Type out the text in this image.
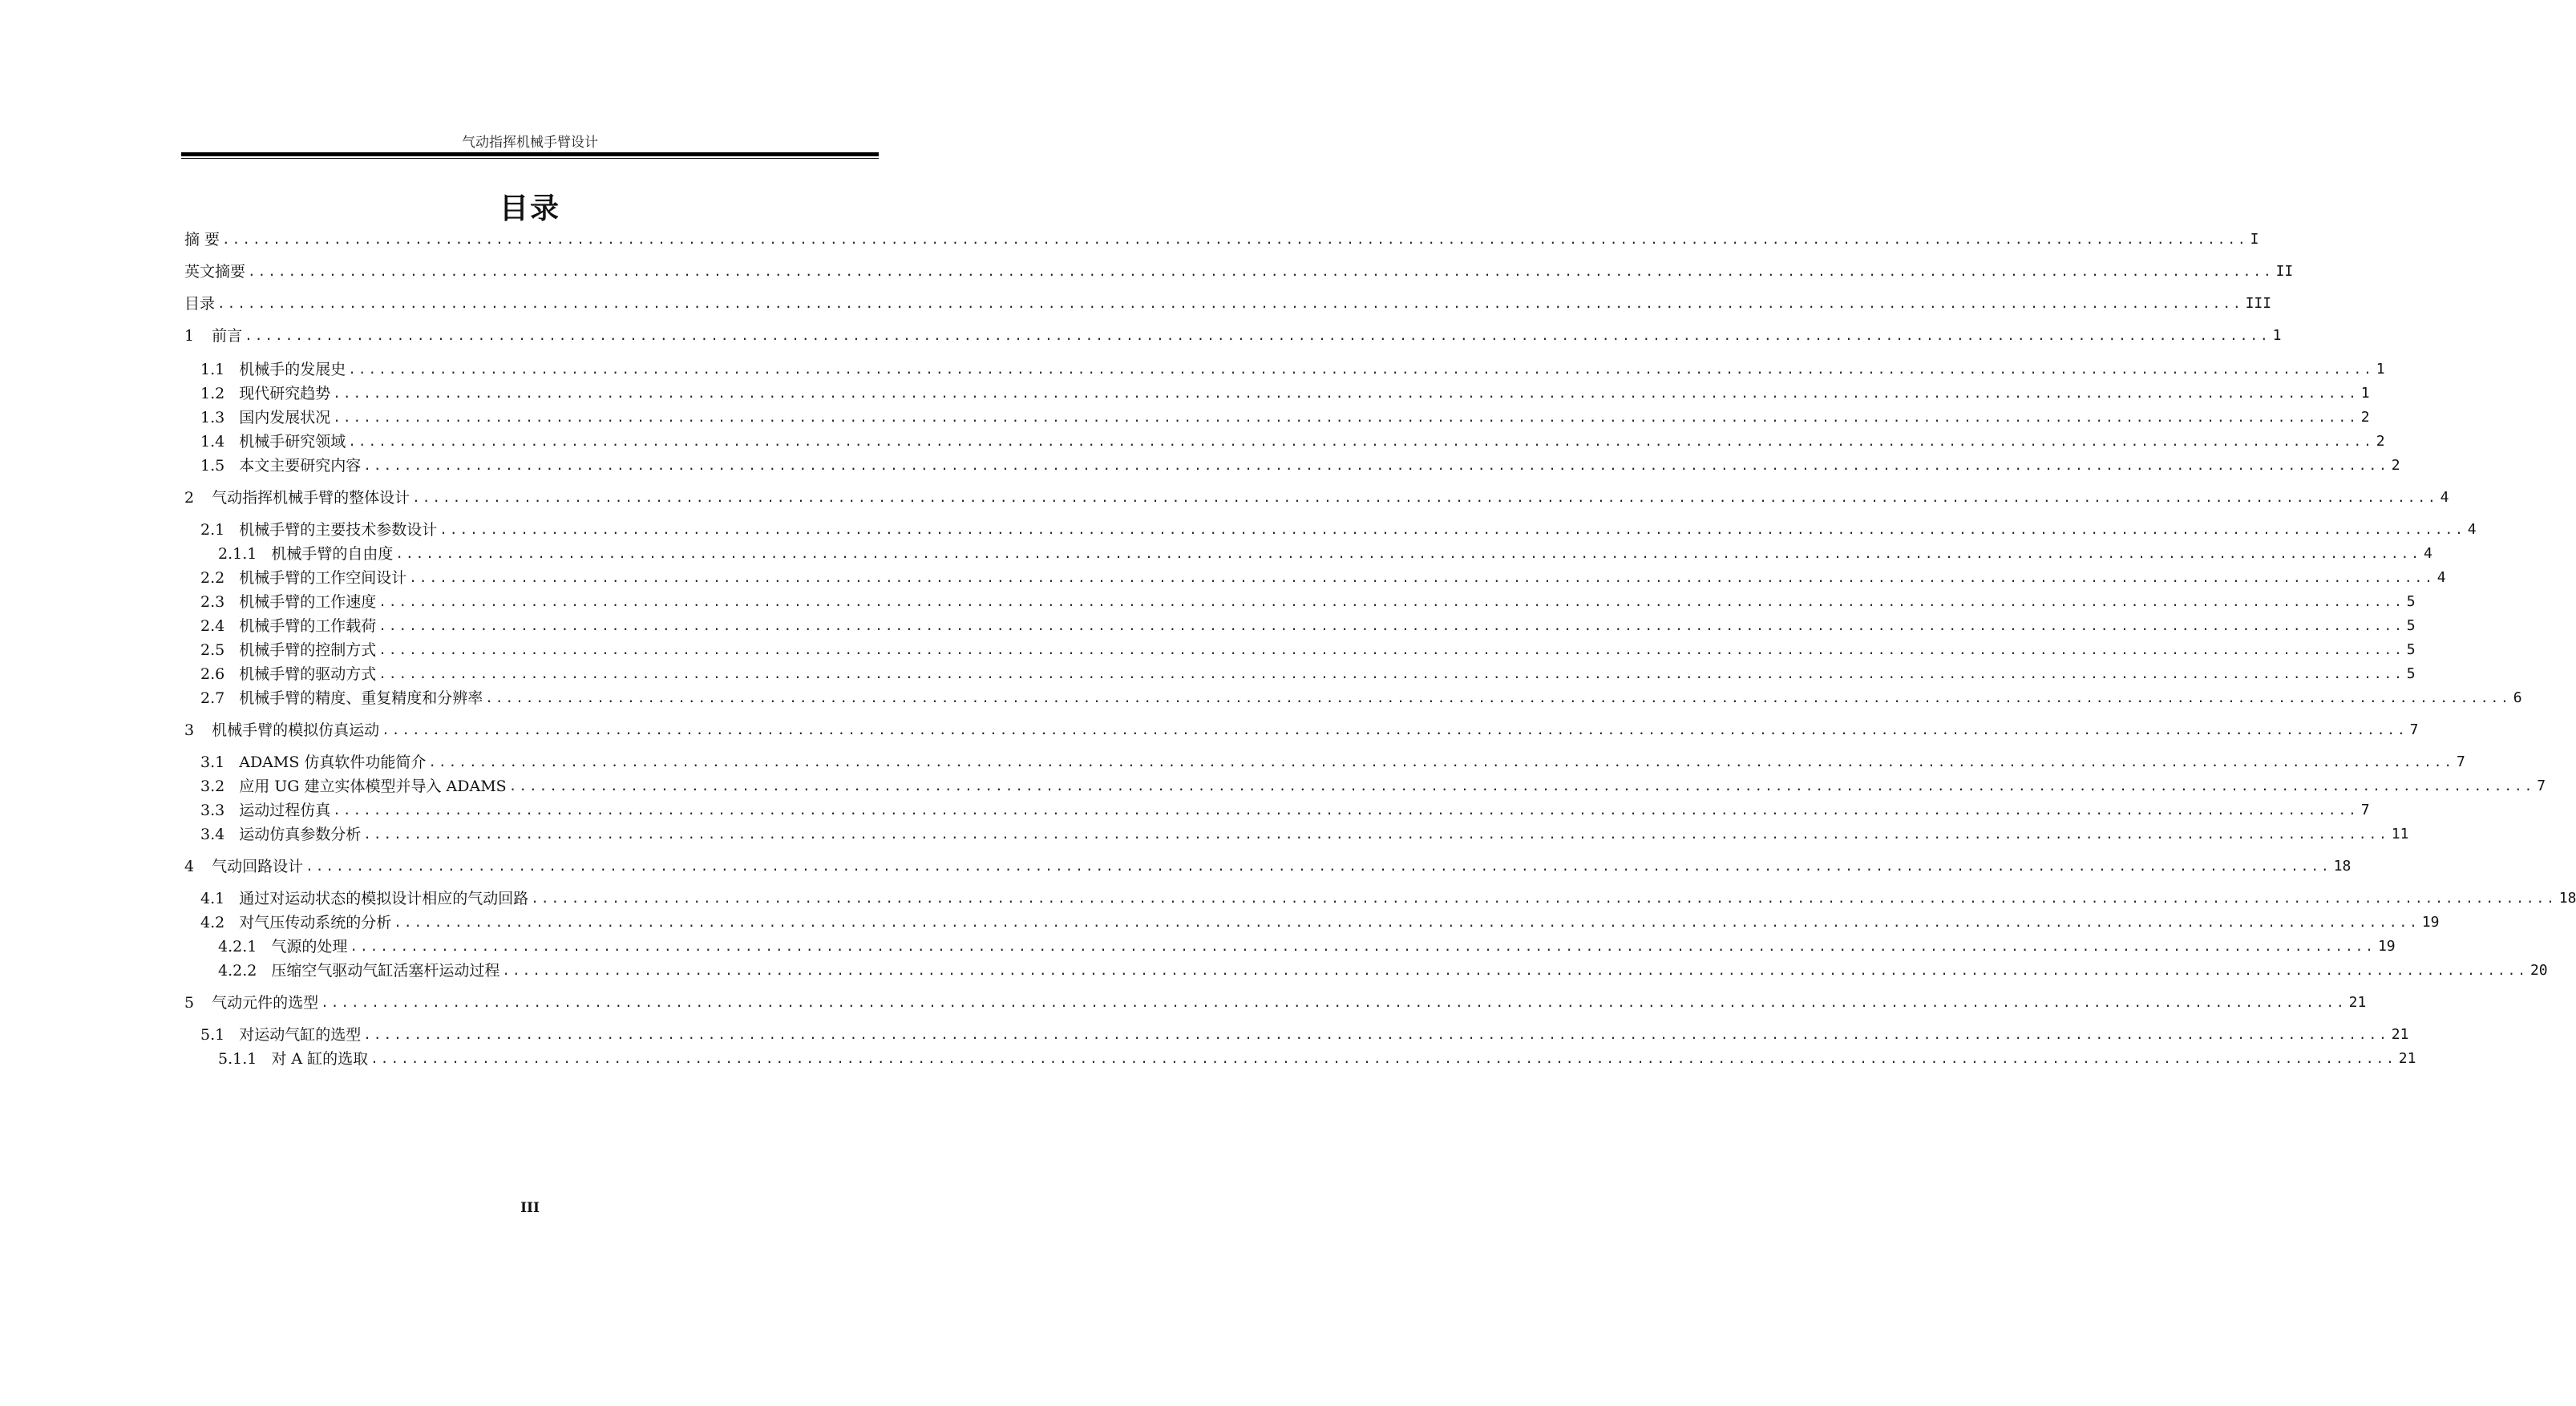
气动指挥机械手臂设计
目录
摘 要 ........................................................................................................................................................................................................ I
英文摘要 ........................................................................................................................................................................................................ II
目录 ........................................................................................................................................................................................................ III
1 前言 ........................................................................................................................................................................................................ 1
1.1 机械手的发展史 ........................................................................................................................................................................................................ 1
1.2 现代研究趋势 ........................................................................................................................................................................................................ 1
1.3 国内发展状况 ........................................................................................................................................................................................................ 2
1.4 机械手研究领域 ........................................................................................................................................................................................................ 2
1.5 本文主要研究内容 ........................................................................................................................................................................................................ 2
2 气动指挥机械手臂的整体设计 ........................................................................................................................................................................................................ 4
2.1 机械手臂的主要技术参数设计 ........................................................................................................................................................................................................ 4
2.1.1 机械手臂的自由度 ........................................................................................................................................................................................................ 4
2.2 机械手臂的工作空间设计 ........................................................................................................................................................................................................ 4
2.3 机械手臂的工作速度 ........................................................................................................................................................................................................ 5
2.4 机械手臂的工作载荷 ........................................................................................................................................................................................................ 5
2.5 机械手臂的控制方式 ........................................................................................................................................................................................................ 5
2.6 机械手臂的驱动方式 ........................................................................................................................................................................................................ 5
2.7 机械手臂的精度、重复精度和分辨率 ........................................................................................................................................................................................................ 6
3 机械手臂的模拟仿真运动 ........................................................................................................................................................................................................ 7
3.1 ADAMS 仿真软件功能简介 ........................................................................................................................................................................................................ 7
3.2 应用 UG 建立实体模型并导入 ADAMS ........................................................................................................................................................................................................ 7
3.3 运动过程仿真 ........................................................................................................................................................................................................ 7
3.4 运动仿真参数分析 ........................................................................................................................................................................................................ 11
4 气动回路设计 ........................................................................................................................................................................................................ 18
4.1 通过对运动状态的模拟设计相应的气动回路 ........................................................................................................................................................................................................ 18
4.2 对气压传动系统的分析 ........................................................................................................................................................................................................ 19
4.2.1 气源的处理 ........................................................................................................................................................................................................ 19
4.2.2 压缩空气驱动气缸活塞杆运动过程 ........................................................................................................................................................................................................ 20
5 气动元件的选型 ........................................................................................................................................................................................................ 21
5.1 对运动气缸的选型 ........................................................................................................................................................................................................ 21
5.1.1 对 A 缸的选取 ........................................................................................................................................................................................................ 21
III
